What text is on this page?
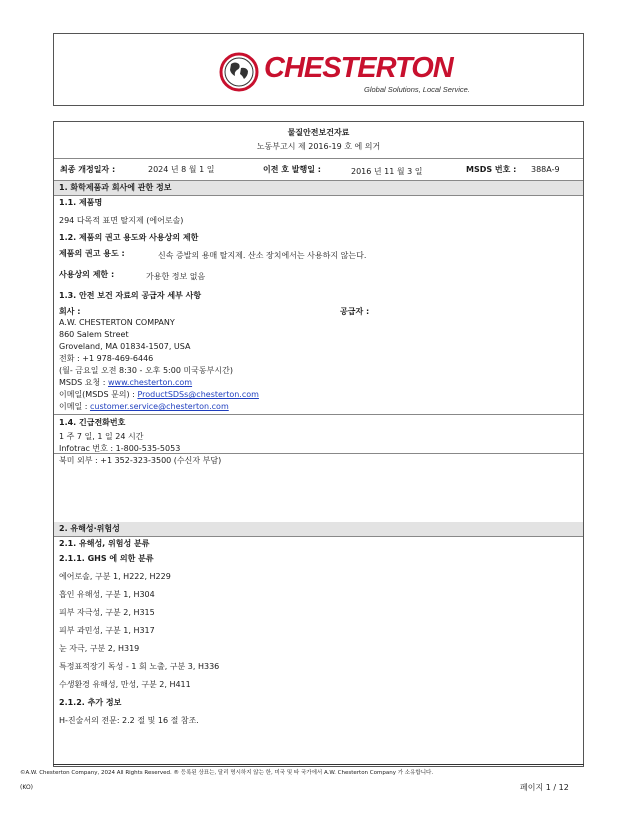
CHESTERTON
Global Solutions, Local Service.
물질안전보건자료
노동부고시 제 2016-19 호 에 의거
최종 개정일자 :	2024 년 8 월 1 일	이전 호 발행일 :	2016 년 11 월 3 일	MSDS 번호 : 388A-9
1. 화학제품과 회사에 관한 정보
1.1. 제품명
294 다목적 표면 탈지제 (에어로솔)
1.2. 제품의 권고 용도와 사용상의 제한
제품의 권고 용도 :	신속 증발의 용매 탈지제. 산소 장치에서는 사용하지 않는다.
사용상의 제한 :	가용한 정보 없음
1.3. 안전 보건 자료의 공급자 세부 사항
회사 :	공급자 :
A.W. CHESTERTON COMPANY
860 Salem Street
Groveland, MA 01834-1507, USA
전화 : +1 978-469-6446
(월- 금요일 오전 8:30 - 오후 5:00 미국동부시간)
MSDS 요청 : www.chesterton.com
이메일(MSDS 문의) : ProductSDSs@chesterton.com
이메일 : customer.service@chesterton.com
1.4. 긴급전화번호
1 주 7 일, 1 일 24 시간
Infotrac 번호 : 1-800-535-5053
북미 외부 : +1 352-323-3500 (수신자 부담)
2. 유해성·위험성
2.1. 유해성, 위험성 분류
2.1.1. GHS 에 의한 분류
에어로솔, 구분 1, H222, H229
흡인 유해성, 구분 1, H304
피부 자극성, 구분 2, H315
피부 과민성, 구분 1, H317
눈 자극, 구분 2, H319
특정표적장기 독성 - 1 회 노출, 구분 3, H336
수생환경 유해성, 만성, 구분 2, H411
2.1.2. 추가 정보
H-진술서의 전문: 2.2 절 및 16 절 참조.
©A.W. Chesterton Company, 2024 All Rights Reserved. ® 등록된 상표는, 달리 명시하지 않는 한, 미국 및 타 국가에서 A.W. Chesterton Company 가 소유합니다.
(KO)	페이지 1 / 12
